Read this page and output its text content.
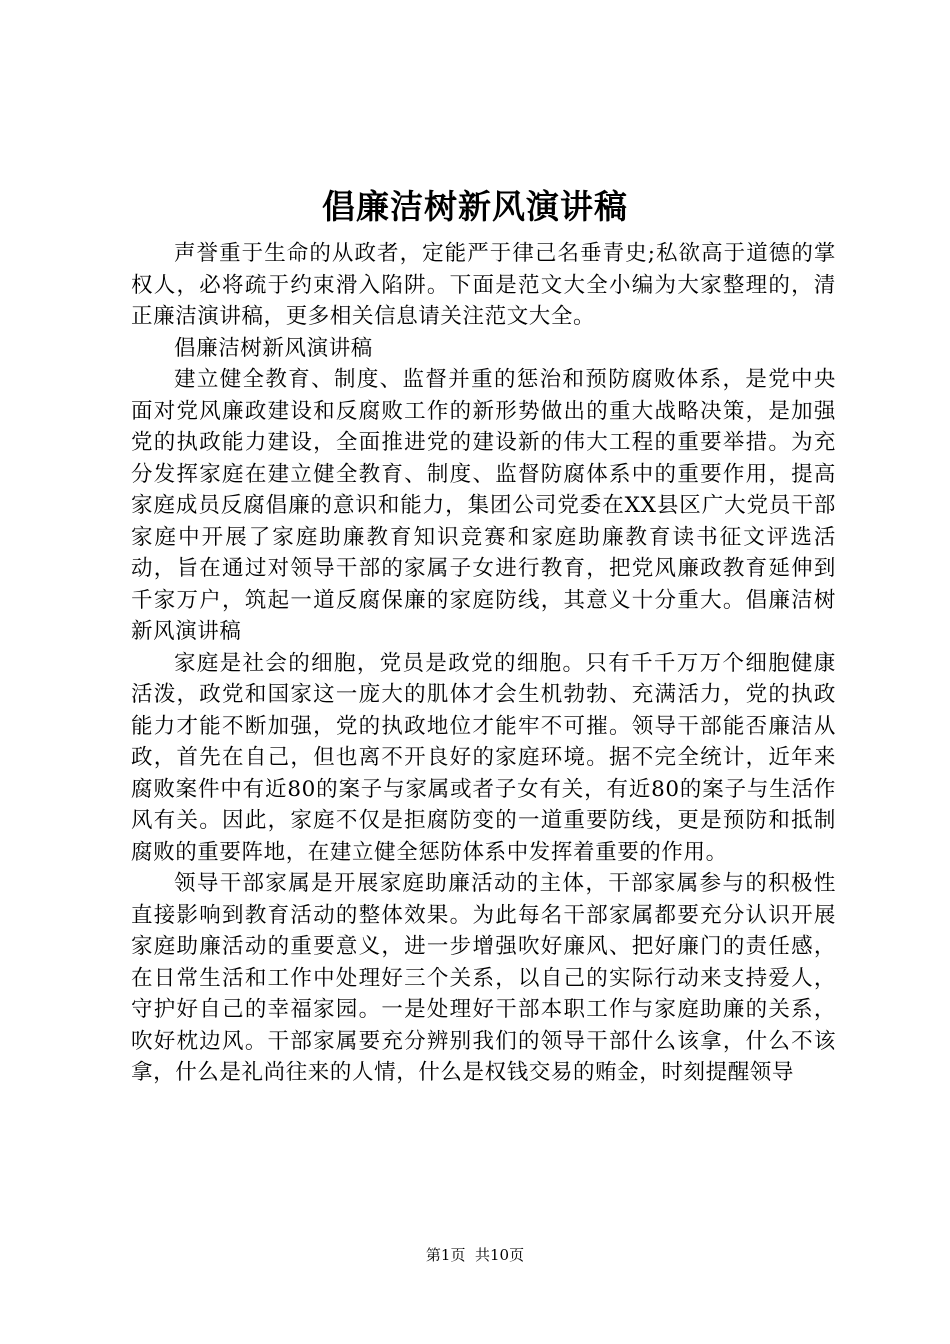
倡廉洁树新风演讲稿

声誉重于生命的从政者，定能严于律己名垂青史;私欲高于道德的掌权人，必将疏于约束滑入陷阱。下面是范文大全小编为大家整理的，清正廉洁演讲稿，更多相关信息请关注范文大全。

倡廉洁树新风演讲稿

建立健全教育、制度、监督并重的惩治和预防腐败体系，是党中央面对党风廉政建设和反腐败工作的新形势做出的重大战略决策，是加强党的执政能力建设，全面推进党的建设新的伟大工程的重要举措。为充分发挥家庭在建立健全教育、制度、监督防腐体系中的重要作用，提高家庭成员反腐倡廉的意识和能力，集团公司党委在XX县区广大党员干部家庭中开展了家庭助廉教育知识竞赛和家庭助廉教育读书征文评选活动，旨在通过对领导干部的家属子女进行教育，把党风廉政教育延伸到千家万户，筑起一道反腐保廉的家庭防线，其意义十分重大。倡廉洁树新风演讲稿

家庭是社会的细胞，党员是政党的细胞。只有千千万万个细胞健康活泼，政党和国家这一庞大的肌体才会生机勃勃、充满活力，党的执政能力才能不断加强，党的执政地位才能牢不可摧。领导干部能否廉洁从政，首先在自己，但也离不开良好的家庭环境。据不完全统计，近年来腐败案件中有近80的案子与家属或者子女有关，有近80的案子与生活作风有关。因此，家庭不仅是拒腐防变的一道重要防线，更是预防和抵制腐败的重要阵地，在建立健全惩防体系中发挥着重要的作用。

领导干部家属是开展家庭助廉活动的主体，干部家属参与的积极性直接影响到教育活动的整体效果。为此每名干部家属都要充分认识开展家庭助廉活动的重要意义，进一步增强吹好廉风、把好廉门的责任感，在日常生活和工作中处理好三个关系，以自己的实际行动来支持爱人，守护好自己的幸福家园。一是处理好干部本职工作与家庭助廉的关系，吹好枕边风。干部家属要充分辨别我们的领导干部什么该拿，什么不该拿，什么是礼尚往来的人情，什么是权钱交易的贿金，时刻提醒领导

第1页 共10页
